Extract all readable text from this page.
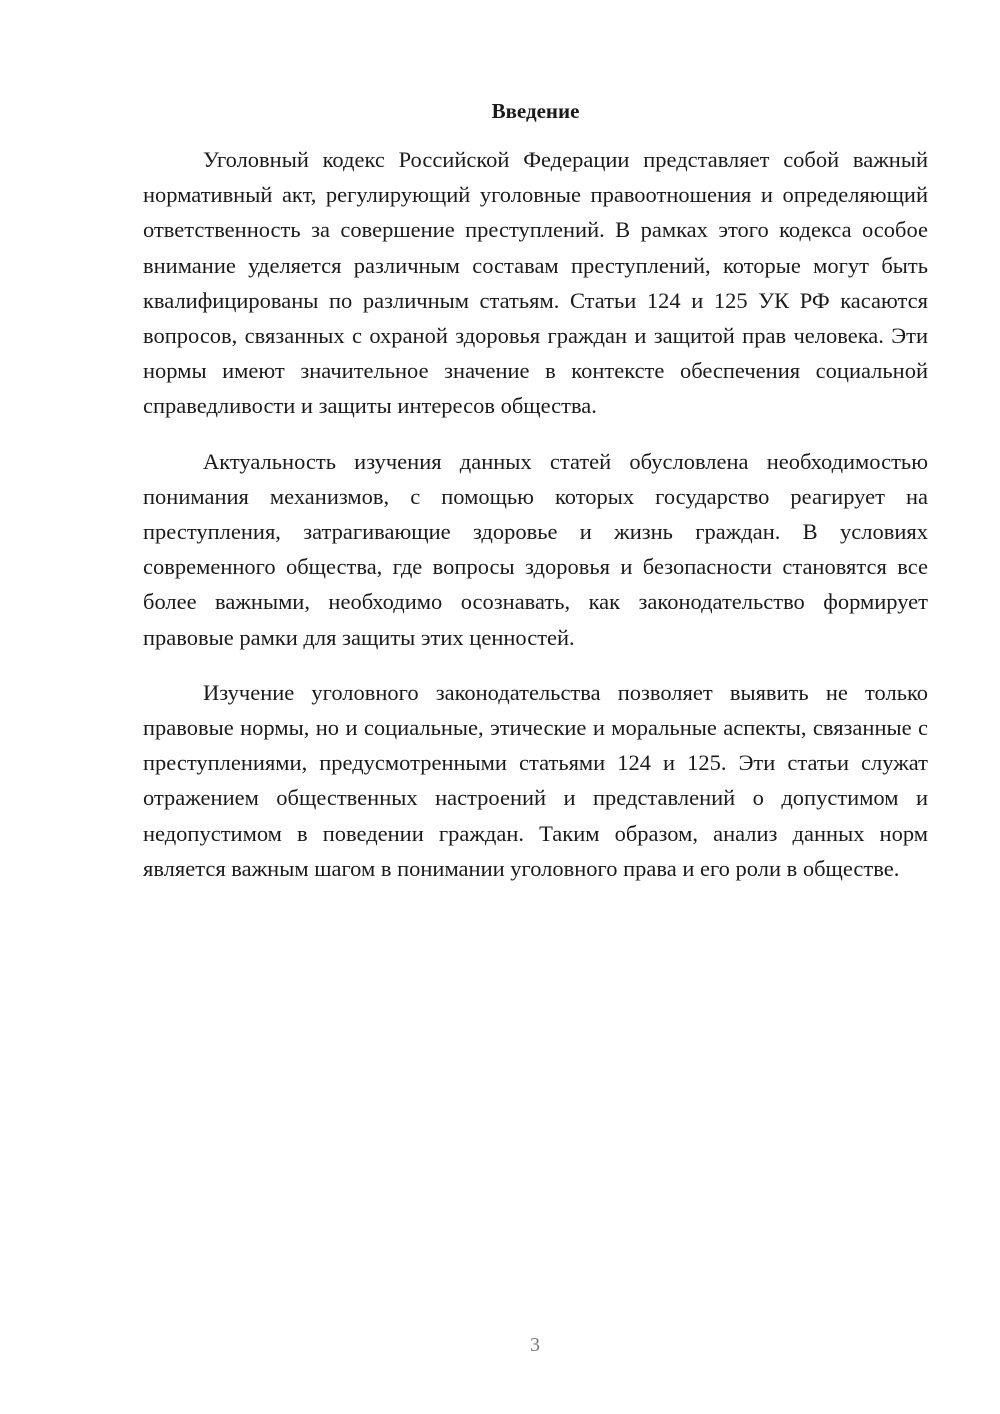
Введение

Уголовный кодекс Российской Федерации представляет собой важный нормативный акт, регулирующий уголовные правоотношения и определяющий ответственность за совершение преступлений. В рамках этого кодекса особое внимание уделяется различным составам преступлений, которые могут быть квалифицированы по различным статьям. Статьи 124 и 125 УК РФ касаются вопросов, связанных с охраной здоровья граждан и защитой прав человека. Эти нормы имеют значительное значение в контексте обеспечения социальной справедливости и защиты интересов общества.

Актуальность изучения данных статей обусловлена необходимостью понимания механизмов, с помощью которых государство реагирует на преступления, затрагивающие здоровье и жизнь граждан. В условиях современного общества, где вопросы здоровья и безопасности становятся все более важными, необходимо осознавать, как законодательство формирует правовые рамки для защиты этих ценностей.

Изучение уголовного законодательства позволяет выявить не только правовые нормы, но и социальные, этические и моральные аспекты, связанные с преступлениями, предусмотренными статьями 124 и 125. Эти статьи служат отражением общественных настроений и представлений о допустимом и недопустимом в поведении граждан. Таким образом, анализ данных норм является важным шагом в понимании уголовного права и его роли в обществе.

3
